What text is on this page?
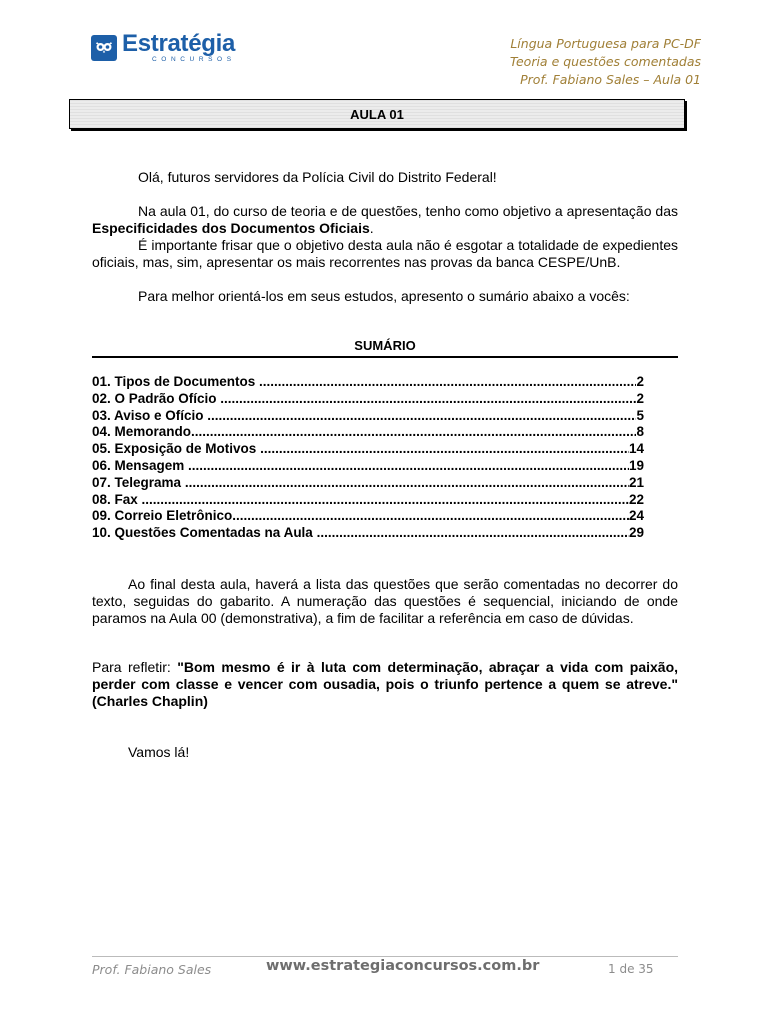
Estratégia
CONCURSOS
Língua Portuguesa para PC-DF
Teoria e questões comentadas
Prof. Fabiano Sales – Aula 01
AULA 01
Olá, futuros servidores da Polícia Civil do Distrito Federal!
Na aula 01, do curso de teoria e de questões, tenho como objetivo a apresentação das Especificidades dos Documentos Oficiais.
É importante frisar que o objetivo desta aula não é esgotar a totalidade de expedientes oficiais, mas, sim, apresentar os mais recorrentes nas provas da banca CESPE/UnB.
Para melhor orientá-los em seus estudos, apresento o sumário abaixo a vocês:
SUMÁRIO
01. Tipos de Documentos .....	2
02. O Padrão Ofício .....	2
03. Aviso e Ofício .....	5
04. Memorando .....	8
05. Exposição de Motivos .....	14
06. Mensagem .....	19
07. Telegrama .....	21
08. Fax .....	22
09. Correio Eletrônico .....	24
10. Questões Comentadas na Aula .....	29
Ao final desta aula, haverá a lista das questões que serão comentadas no decorrer do texto, seguidas do gabarito. A numeração das questões é sequencial, iniciando de onde paramos na Aula 00 (demonstrativa), a fim de facilitar a referência em caso de dúvidas.
Para refletir: "Bom mesmo é ir à luta com determinação, abraçar a vida com paixão, perder com classe e vencer com ousadia, pois o triunfo pertence a quem se atreve." (Charles Chaplin)
Vamos lá!
Prof. Fabiano Sales	www.estrategiaconcursos.com.br	1 de 35
